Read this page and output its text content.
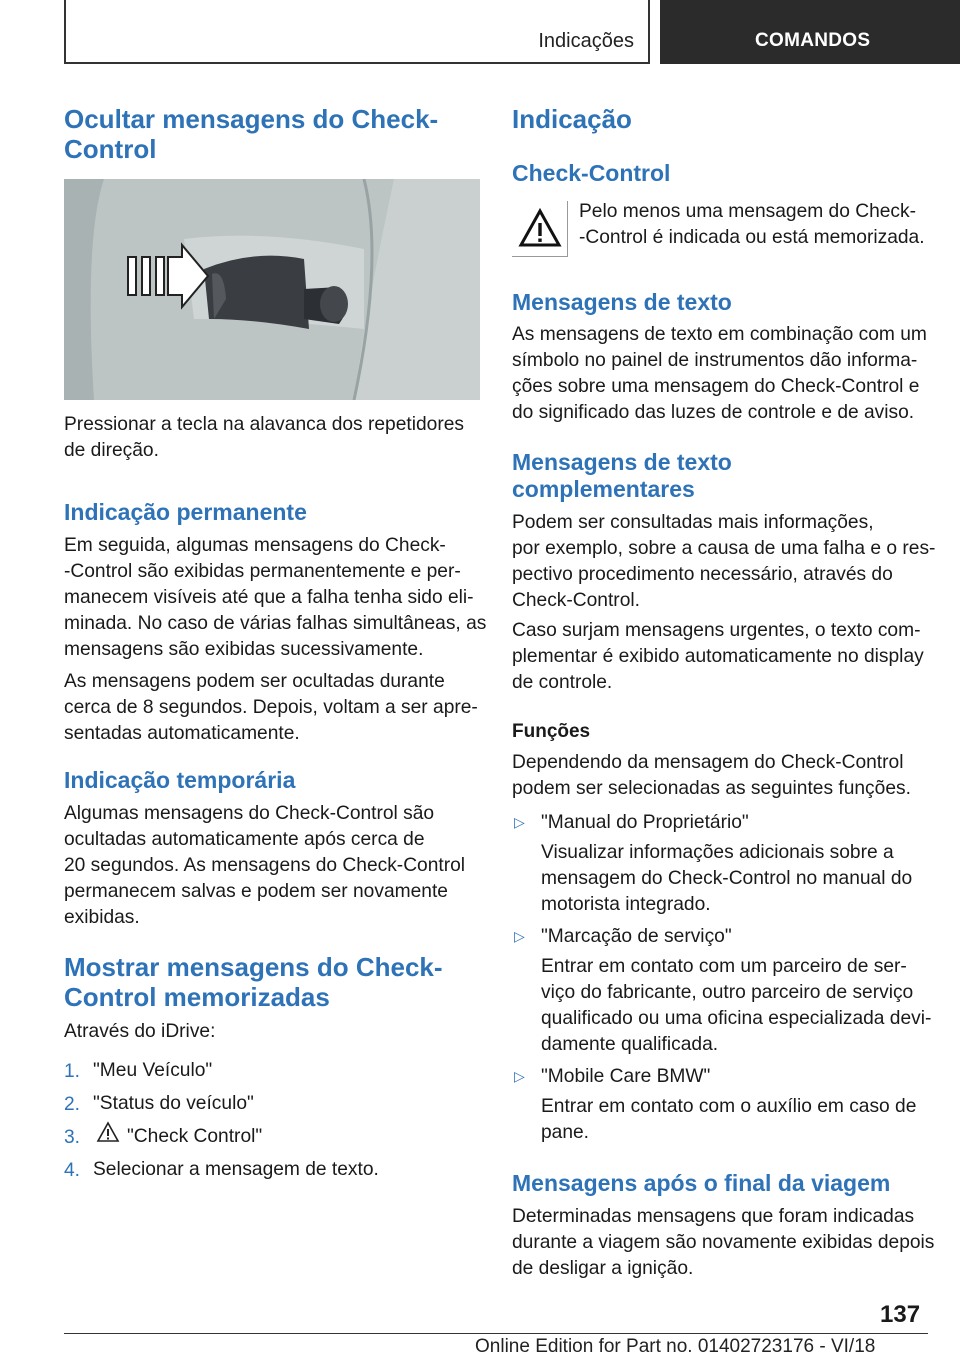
Indicações	COMANDOS
Ocultar mensagens do Check-
Control
Pressionar a tecla na alavanca dos repetidores
de direção.
Indicação permanente
Em seguida, algumas mensagens do Check-
-Control são exibidas permanentemente e per-
manecem visíveis até que a falha tenha sido eli-
minada. No caso de várias falhas simultâneas, as
mensagens são exibidas sucessivamente.
As mensagens podem ser ocultadas durante
cerca de 8 segundos. Depois, voltam a ser apre-
sentadas automaticamente.
Indicação temporária
Algumas mensagens do Check-Control são
ocultadas automaticamente após cerca de
20 segundos. As mensagens do Check-Control
permanecem salvas e podem ser novamente
exibidas.
Mostrar mensagens do Check-
Control memorizadas
Através do iDrive:
1. "Meu Veículo"
2. "Status do veículo"
3. "Check Control"
4. Selecionar a mensagem de texto.
Indicação
Check-Control
Pelo menos uma mensagem do Check-
-Control é indicada ou está memorizada.
Mensagens de texto
As mensagens de texto em combinação com um
símbolo no painel de instrumentos dão informa-
ções sobre uma mensagem do Check-Control e
do significado das luzes de controle e de aviso.
Mensagens de texto
complementares
Podem ser consultadas mais informações,
por exemplo, sobre a causa de uma falha e o res-
pectivo procedimento necessário, através do
Check-Control.
Caso surjam mensagens urgentes, o texto com-
plementar é exibido automaticamente no display
de controle.
Funções
Dependendo da mensagem do Check-Control
podem ser selecionadas as seguintes funções.
▷ "Manual do Proprietário"
Visualizar informações adicionais sobre a
mensagem do Check-Control no manual do
motorista integrado.
▷ "Marcação de serviço"
Entrar em contato com um parceiro de ser-
viço do fabricante, outro parceiro de serviço
qualificado ou uma oficina especializada devi-
damente qualificada.
▷ "Mobile Care BMW"
Entrar em contato com o auxílio em caso de
pane.
Mensagens após o final da viagem
Determinadas mensagens que foram indicadas
durante a viagem são novamente exibidas depois
de desligar a ignição.
137
Online Edition for Part no. 01402723176 - VI/18
